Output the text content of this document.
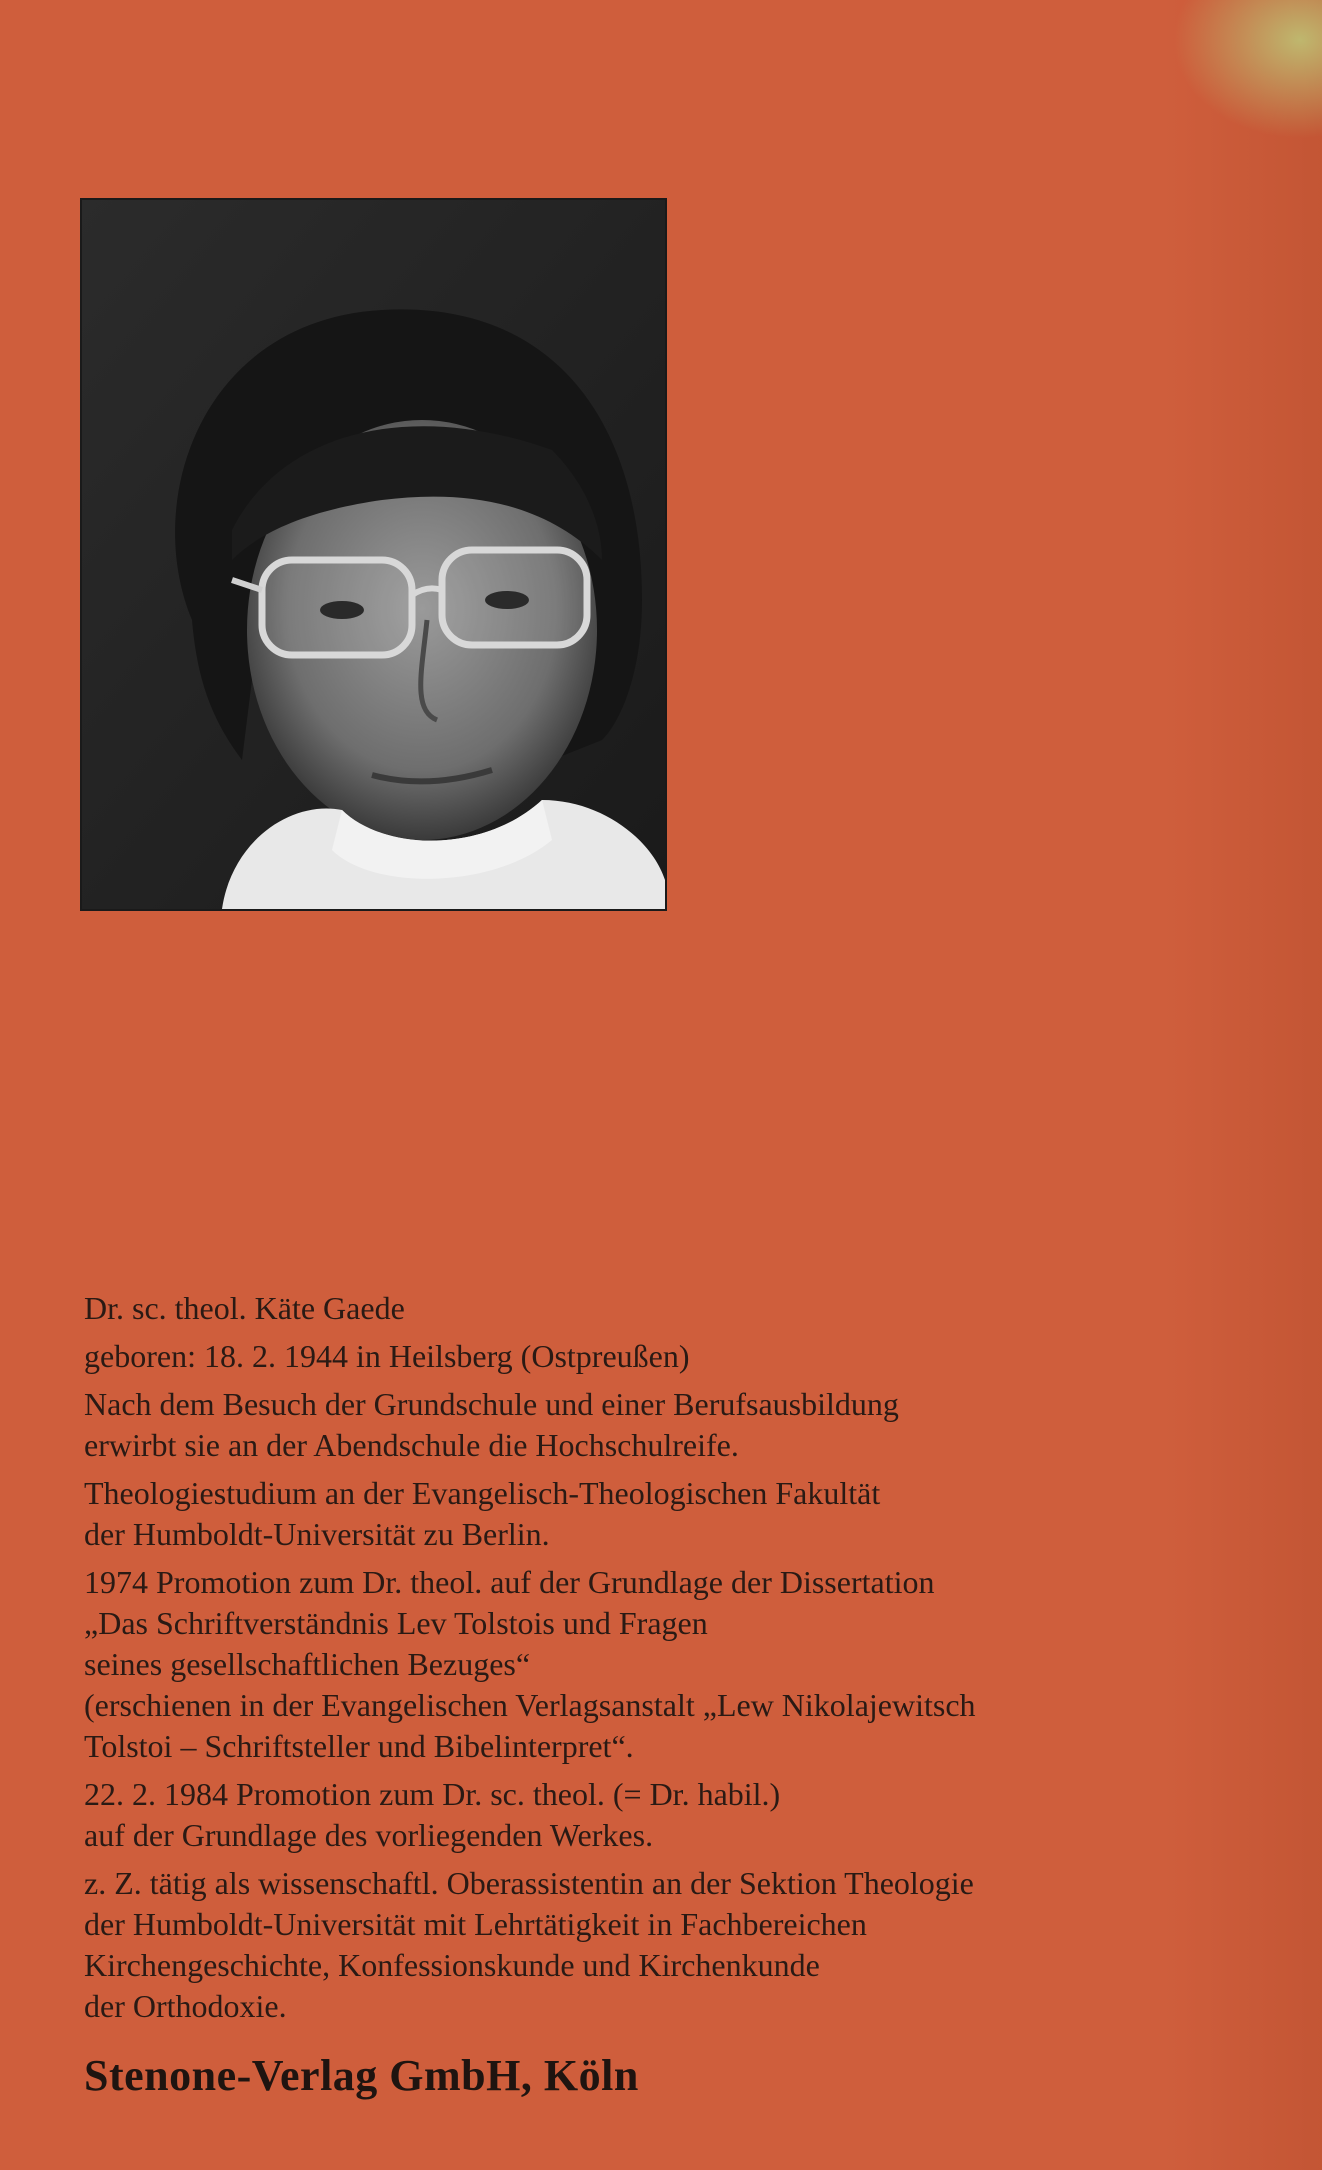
Dr. sc. theol. Käte Gaede

geboren: 18. 2. 1944 in Heilsberg (Ostpreußen)

Nach dem Besuch der Grundschule und einer Berufsausbildung
erwirbt sie an der Abendschule die Hochschulreife.

Theologiestudium an der Evangelisch-Theologischen Fakultät
der Humboldt-Universität zu Berlin.

1974 Promotion zum Dr. theol. auf der Grundlage der Dissertation
„Das Schriftverständnis Lev Tolstois und Fragen
seines gesellschaftlichen Bezuges“
(erschienen in der Evangelischen Verlagsanstalt „Lew Nikolajewitsch
Tolstoi – Schriftsteller und Bibelinterpret“.

22. 2. 1984 Promotion zum Dr. sc. theol. (= Dr. habil.)
auf der Grundlage des vorliegenden Werkes.

z. Z. tätig als wissenschaftl. Oberassistentin an der Sektion Theologie
der Humboldt-Universität mit Lehrtätigkeit in Fachbereichen
Kirchengeschichte, Konfessionskunde und Kirchenkunde
der Orthodoxie.

Stenone-Verlag GmbH, Köln
